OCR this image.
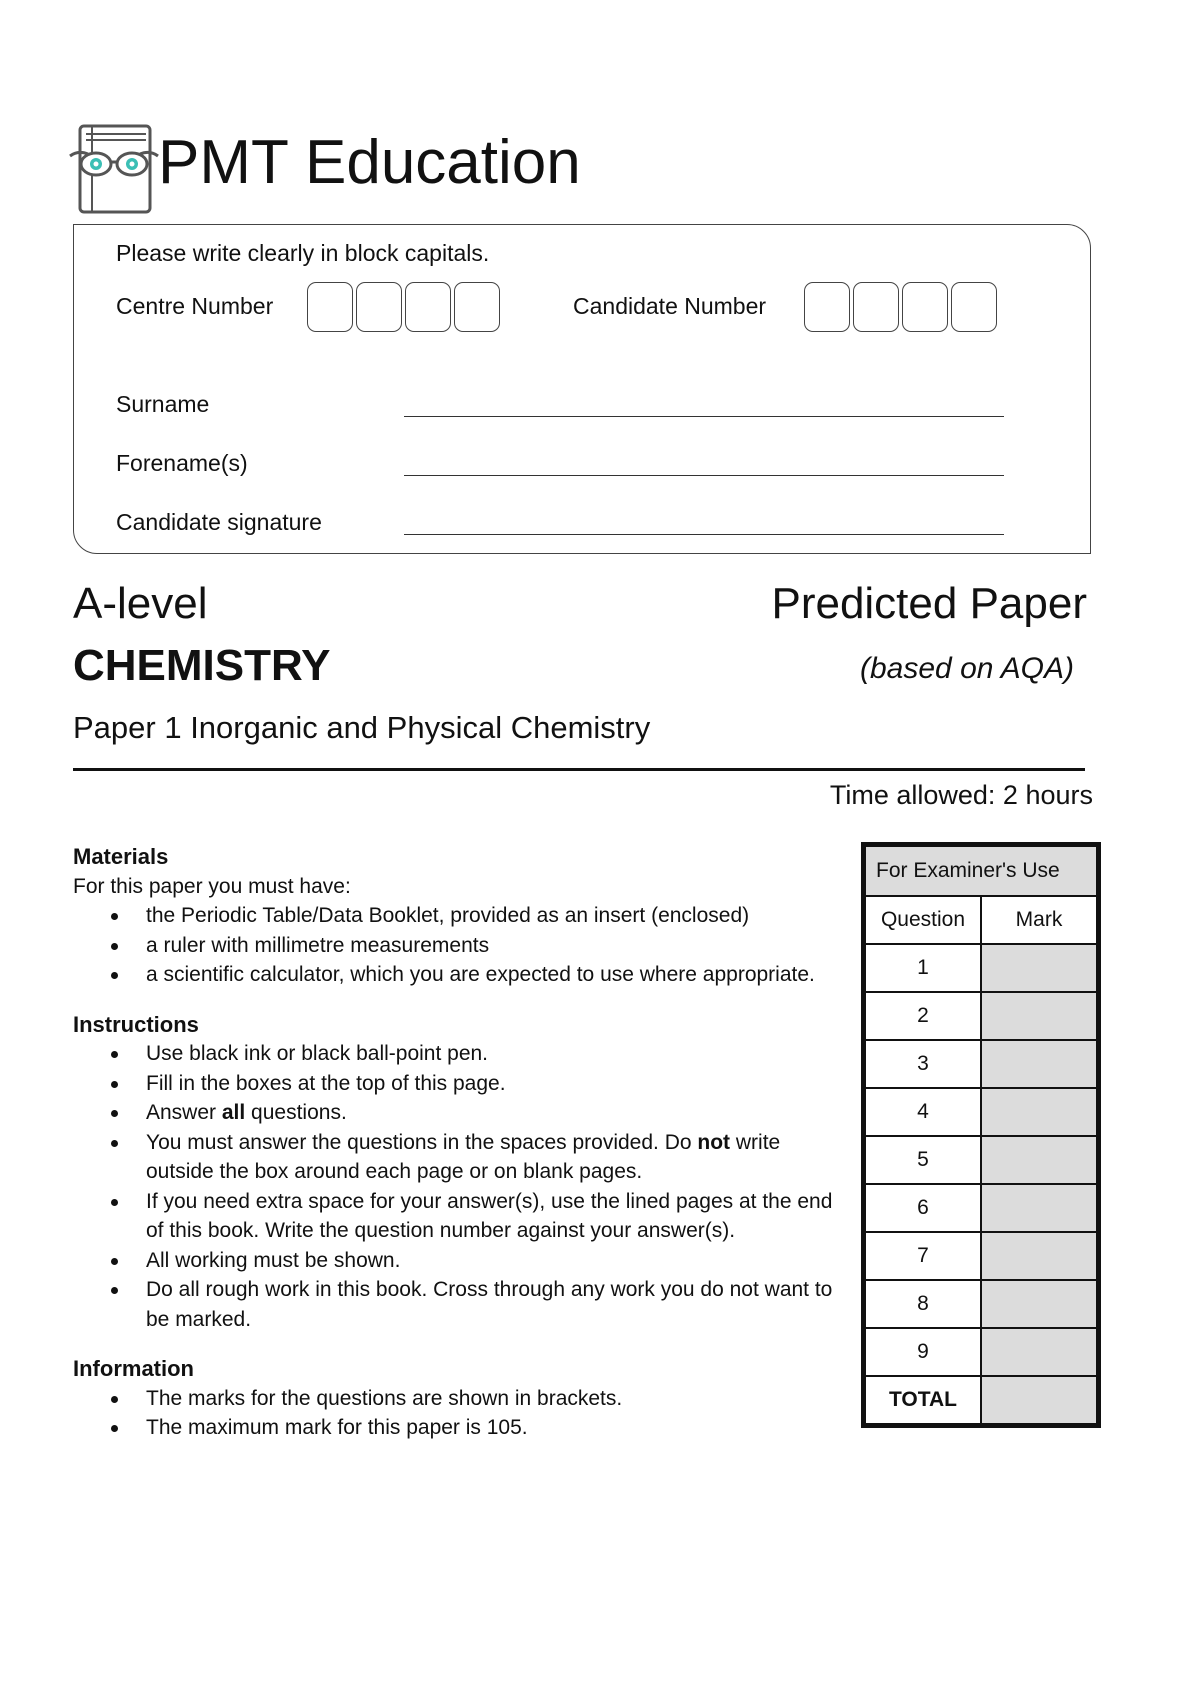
PMT Education
Please write clearly in block capitals.
Centre Number	Candidate Number
Surname
Forename(s)
Candidate signature
A-level	Predicted Paper
CHEMISTRY	(based on AQA)
Paper 1 Inorganic and Physical Chemistry
Time allowed: 2 hours
Materials
For this paper you must have:
the Periodic Table/Data Booklet, provided as an insert (enclosed)
a ruler with millimetre measurements
a scientific calculator, which you are expected to use where appropriate.
Instructions
Use black ink or black ball-point pen.
Fill in the boxes at the top of this page.
Answer all questions.
You must answer the questions in the spaces provided. Do not write outside the box around each page or on blank pages.
If you need extra space for your answer(s), use the lined pages at the end of this book. Write the question number against your answer(s).
All working must be shown.
Do all rough work in this book. Cross through any work you do not want to be marked.
Information
The marks for the questions are shown in brackets.
The maximum mark for this paper is 105.
For Examiner's Use	
Question	Mark
1	
2	
3	
4	
5	
6	
7	
8	
9	
TOTAL	
